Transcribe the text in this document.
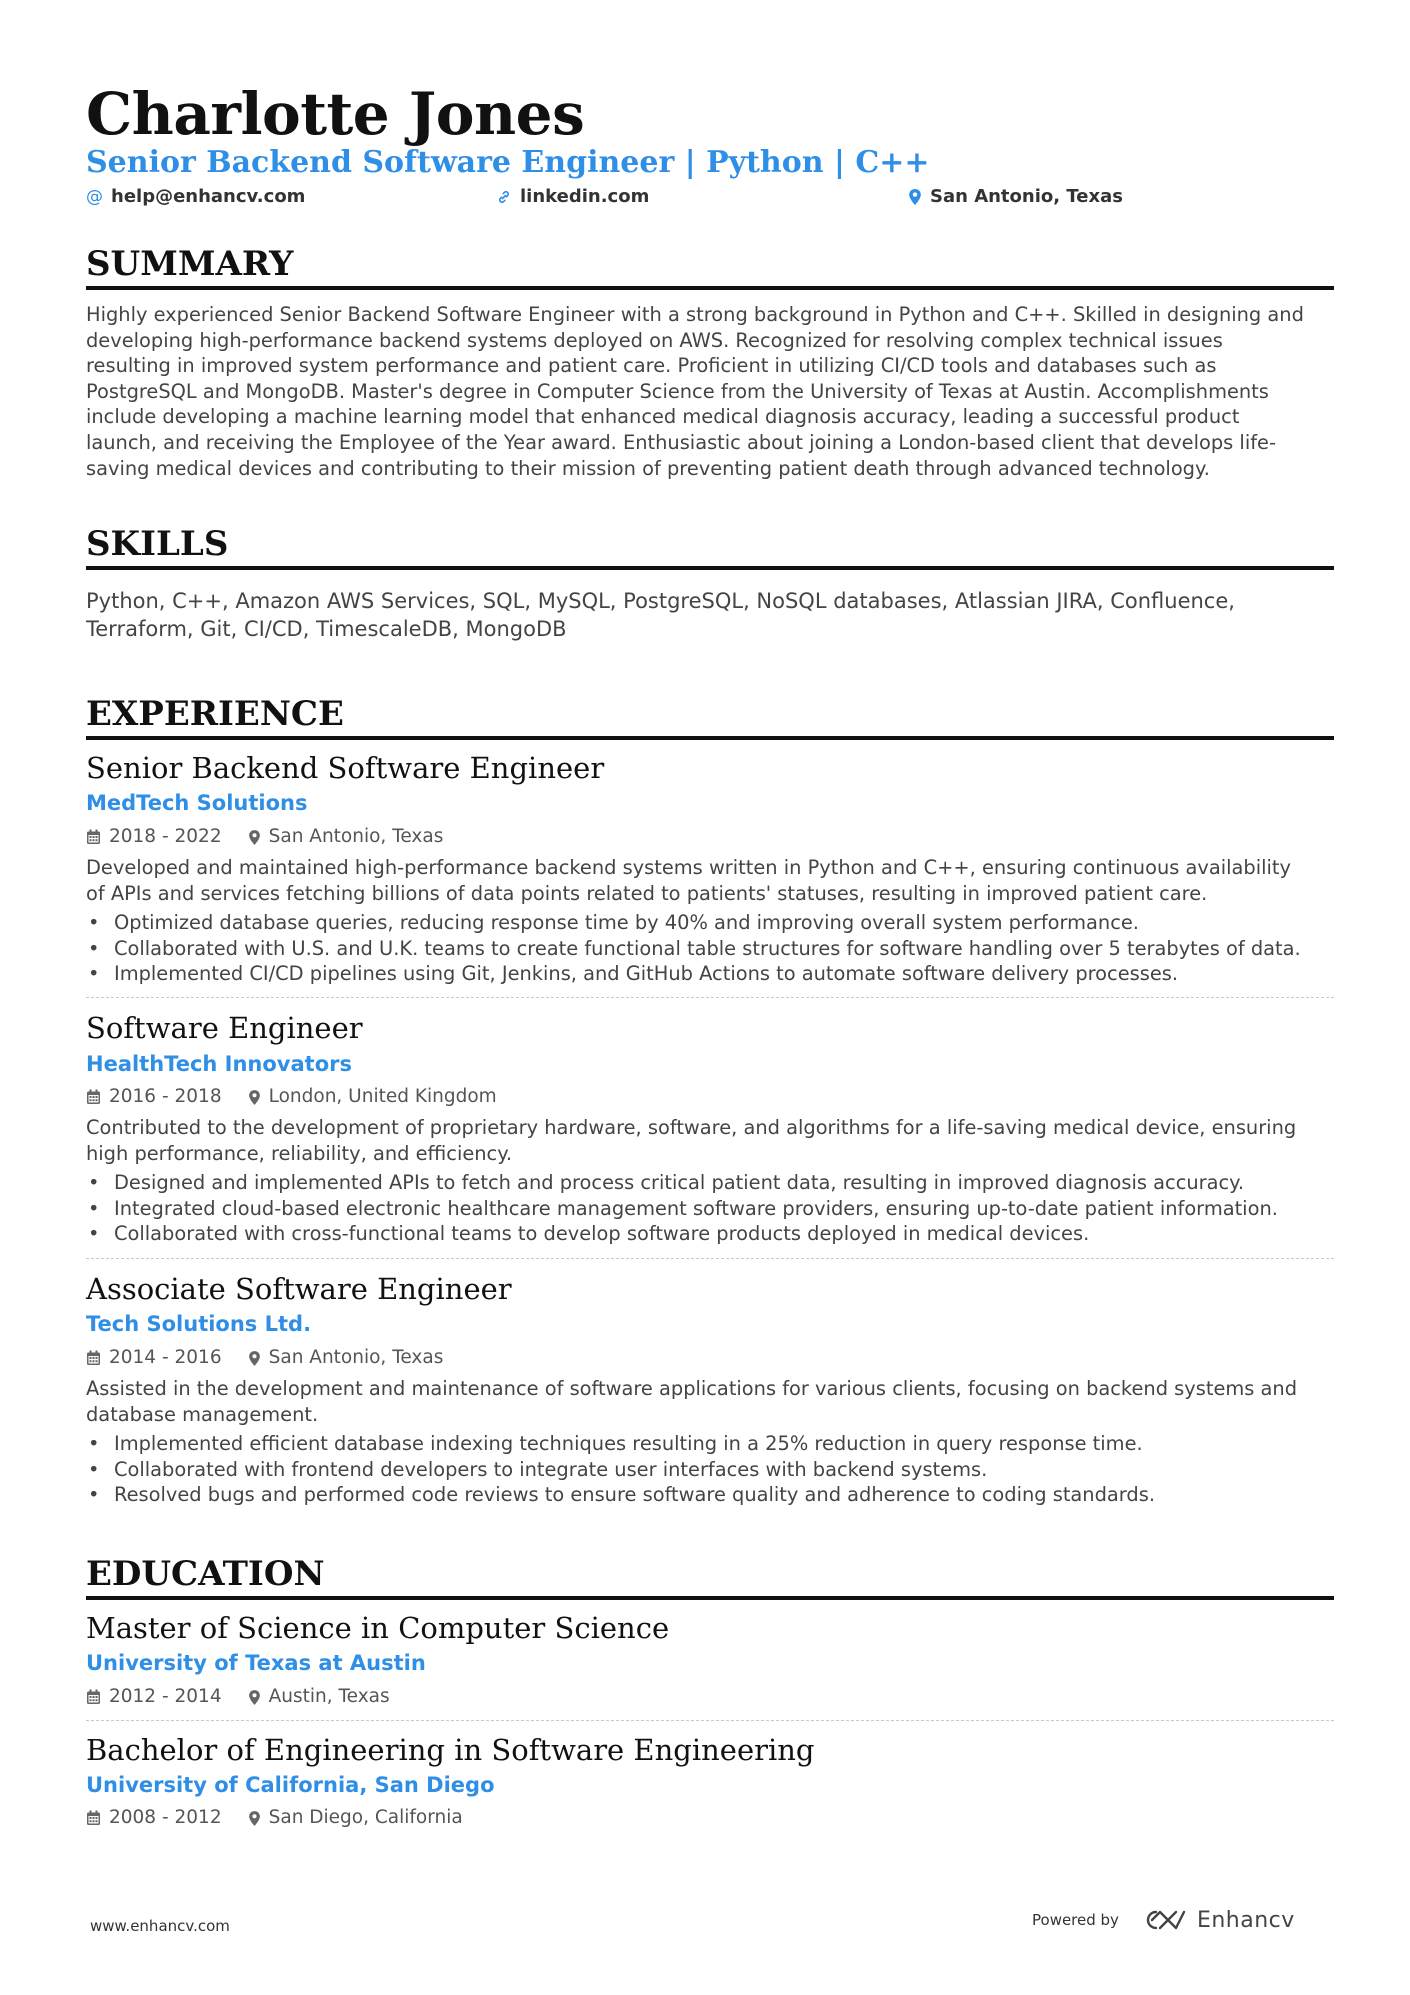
Charlotte Jones
Senior Backend Software Engineer | Python | C++
@ help@enhancv.com	linkedin.com	San Antonio, Texas
SUMMARY
Highly experienced Senior Backend Software Engineer with a strong background in Python and C++. Skilled in designing and
developing high-performance backend systems deployed on AWS. Recognized for resolving complex technical issues
resulting in improved system performance and patient care. Proficient in utilizing CI/CD tools and databases such as
PostgreSQL and MongoDB. Master's degree in Computer Science from the University of Texas at Austin. Accomplishments
include developing a machine learning model that enhanced medical diagnosis accuracy, leading a successful product
launch, and receiving the Employee of the Year award. Enthusiastic about joining a London-based client that develops life-
saving medical devices and contributing to their mission of preventing patient death through advanced technology.
SKILLS
Python, C++, Amazon AWS Services, SQL, MySQL, PostgreSQL, NoSQL databases, Atlassian JIRA, Confluence,
Terraform, Git, CI/CD, TimescaleDB, MongoDB
EXPERIENCE
Senior Backend Software Engineer
MedTech Solutions
2018 - 2022	San Antonio, Texas
Developed and maintained high-performance backend systems written in Python and C++, ensuring continuous availability
of APIs and services fetching billions of data points related to patients' statuses, resulting in improved patient care.
• Optimized database queries, reducing response time by 40% and improving overall system performance.
• Collaborated with U.S. and U.K. teams to create functional table structures for software handling over 5 terabytes of data.
• Implemented CI/CD pipelines using Git, Jenkins, and GitHub Actions to automate software delivery processes.
Software Engineer
HealthTech Innovators
2016 - 2018	London, United Kingdom
Contributed to the development of proprietary hardware, software, and algorithms for a life-saving medical device, ensuring
high performance, reliability, and efficiency.
• Designed and implemented APIs to fetch and process critical patient data, resulting in improved diagnosis accuracy.
• Integrated cloud-based electronic healthcare management software providers, ensuring up-to-date patient information.
• Collaborated with cross-functional teams to develop software products deployed in medical devices.
Associate Software Engineer
Tech Solutions Ltd.
2014 - 2016	San Antonio, Texas
Assisted in the development and maintenance of software applications for various clients, focusing on backend systems and
database management.
• Implemented efficient database indexing techniques resulting in a 25% reduction in query response time.
• Collaborated with frontend developers to integrate user interfaces with backend systems.
• Resolved bugs and performed code reviews to ensure software quality and adherence to coding standards.
EDUCATION
Master of Science in Computer Science
University of Texas at Austin
2012 - 2014	Austin, Texas
Bachelor of Engineering in Software Engineering
University of California, San Diego
2008 - 2012	San Diego, California
www.enhancv.com	Powered by	Enhancv
